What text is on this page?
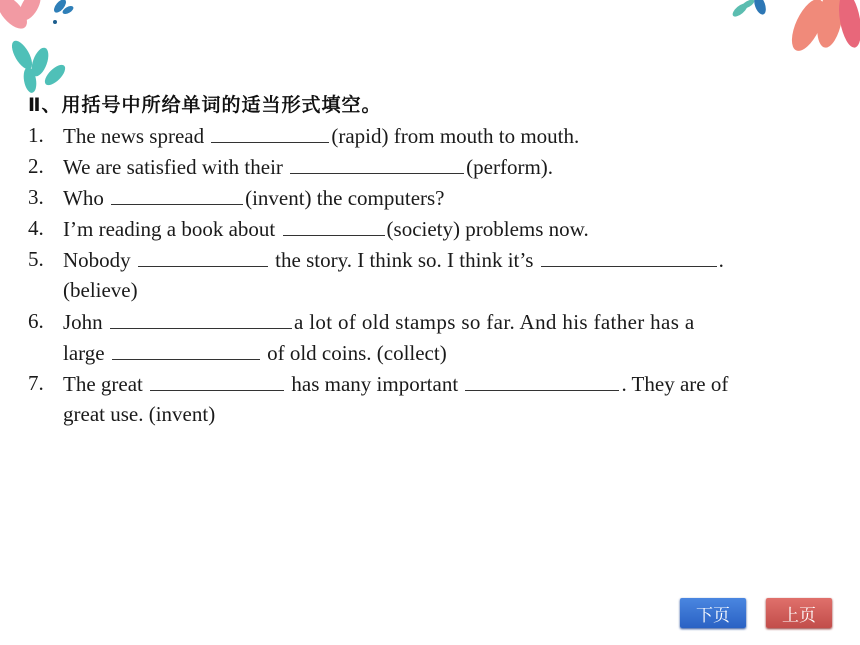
Ⅱ、用括号中所给单词的适当形式填空。
1. The news spread	(rapid) from mouth to mouth.
2. We are satisfied with their	(perform).
3. Who	(invent) the computers?
4. I’m reading a book about	(society) problems now.
5. Nobody	the story. I think so. I think it’s	.
(believe)
6. John	a lot of old stamps so far. And his father has a
large	of old coins. (collect)
7. The great	has many important	. They are of
great use. (invent)
下页	上页
